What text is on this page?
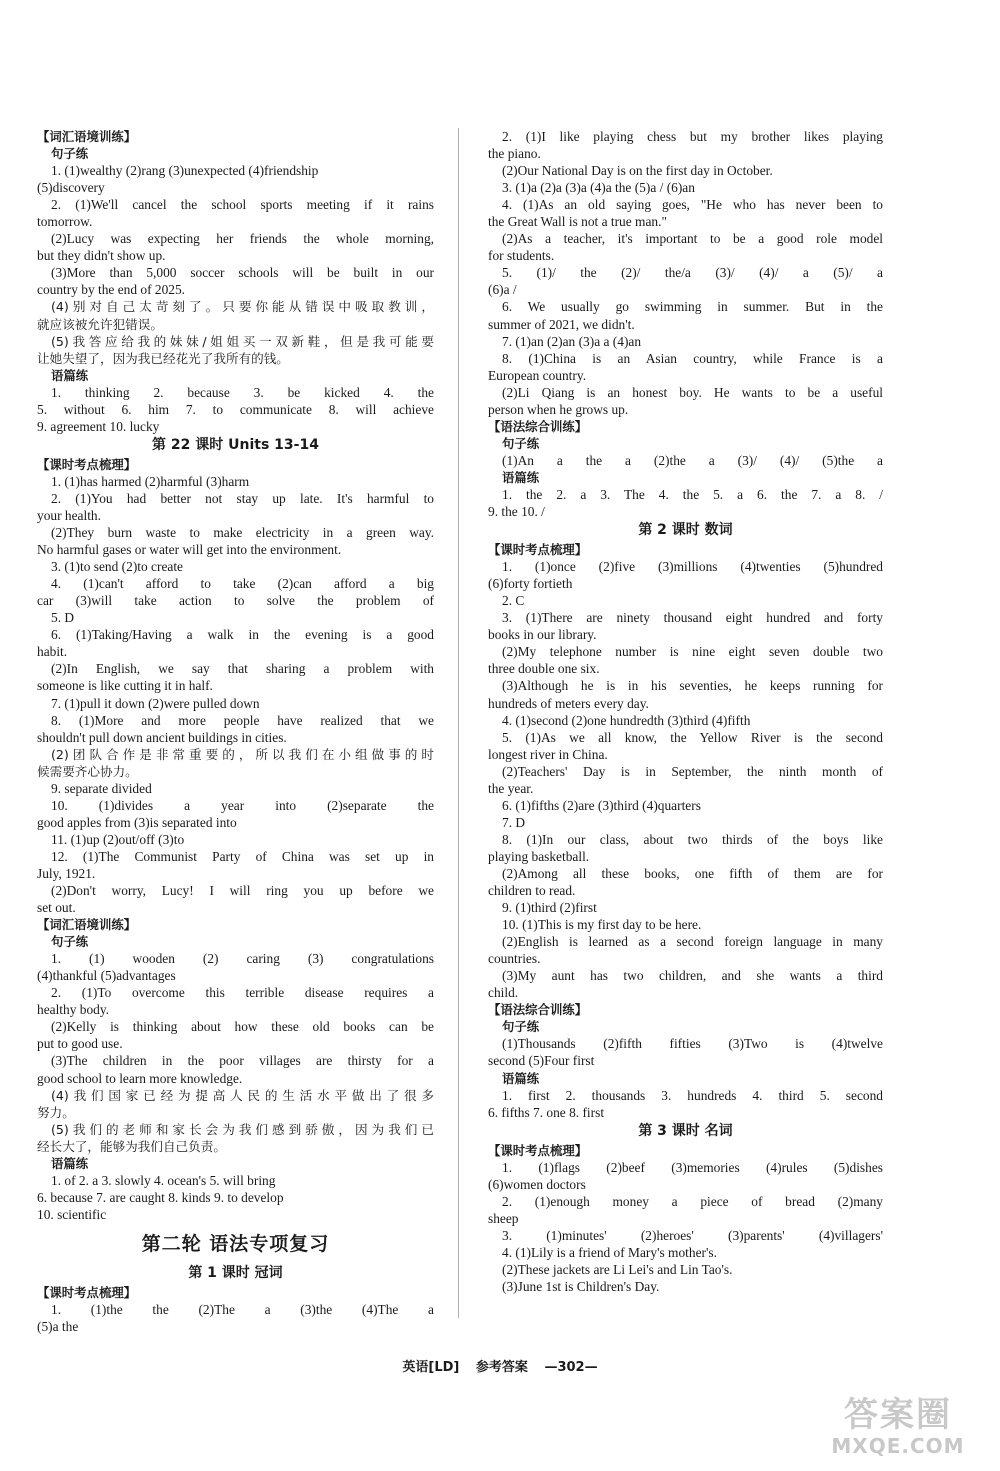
【词汇语境训练】
句子练
1. (1)wealthy (2)rang (3)unexpected (4)friendship
(5)discovery
2. (1)We'll cancel the school sports meeting if it rains
tomorrow.
(2)Lucy was expecting her friends the whole morning,
but they didn't show up.
(3)More than 5,000 soccer schools will be built in our
country by the end of 2025.
(4)别对自己太苛刻了。只要你能从错误中吸取教训，
就应该被允许犯错误。
(5)我答应给我的妹妹/姐姐买一双新鞋，但是我可能要
让她失望了，因为我已经花光了我所有的钱。
语篇练
1. thinking 2. because 3. be kicked 4. the
5. without 6. him 7. to communicate 8. will achieve
9. agreement 10. lucky
第 22 课时 Units 13-14
【课时考点梳理】
1. (1)has harmed (2)harmful (3)harm
2. (1)You had better not stay up late. It's harmful to
your health.
(2)They burn waste to make electricity in a green way.
No harmful gases or water will get into the environment.
3. (1)to send (2)to create
4. (1)can't afford to take (2)can afford a big
car (3)will take action to solve the problem of
5. D
6. (1)Taking/Having a walk in the evening is a good
habit.
(2)In English, we say that sharing a problem with
someone is like cutting it in half.
7. (1)pull it down (2)were pulled down
8. (1)More and more people have realized that we
shouldn't pull down ancient buildings in cities.
(2)团队合作是非常重要的，所以我们在小组做事的时
候需要齐心协力。
9. separate divided
10. (1)divides a year into (2)separate the
good apples from (3)is separated into
11. (1)up (2)out/off (3)to
12. (1)The Communist Party of China was set up in
July, 1921.
(2)Don't worry, Lucy! I will ring you up before we
set out.
【词汇语境训练】
句子练
1. (1) wooden (2) caring (3) congratulations
(4)thankful (5)advantages
2. (1)To overcome this terrible disease requires a
healthy body.
(2)Kelly is thinking about how these old books can be
put to good use.
(3)The children in the poor villages are thirsty for a
good school to learn more knowledge.
(4)我们国家已经为提高人民的生活水平做出了很多
努力。
(5)我们的老师和家长会为我们感到骄傲，因为我们已
经长大了，能够为我们自己负责。
语篇练
1. of 2. a 3. slowly 4. ocean's 5. will bring
6. because 7. are caught 8. kinds 9. to develop
10. scientific
第二轮 语法专项复习
第 1 课时 冠词
【课时考点梳理】
1. (1)the the (2)The a (3)the (4)The a
(5)a the
2. (1)I like playing chess but my brother likes playing
the piano.
(2)Our National Day is on the first day in October.
3. (1)a (2)a (3)a (4)a the (5)a / (6)an
4. (1)As an old saying goes, "He who has never been to
the Great Wall is not a true man."
(2)As a teacher, it's important to be a good role model
for students.
5. (1)/ the (2)/ the/a (3)/ (4)/ a (5)/ a
(6)a /
6. We usually go swimming in summer. But in the
summer of 2021, we didn't.
7. (1)an (2)an (3)a a (4)an
8. (1)China is an Asian country, while France is a
European country.
(2)Li Qiang is an honest boy. He wants to be a useful
person when he grows up.
【语法综合训练】
句子练
(1)An a the a (2)the a (3)/ (4)/ (5)the a
语篇练
1. the 2. a 3. The 4. the 5. a 6. the 7. a 8. /
9. the 10. /
第 2 课时 数词
【课时考点梳理】
1. (1)once (2)five (3)millions (4)twenties (5)hundred
(6)forty fortieth
2. C
3. (1)There are ninety thousand eight hundred and forty
books in our library.
(2)My telephone number is nine eight seven double two
three double one six.
(3)Although he is in his seventies, he keeps running for
hundreds of meters every day.
4. (1)second (2)one hundredth (3)third (4)fifth
5. (1)As we all know, the Yellow River is the second
longest river in China.
(2)Teachers' Day is in September, the ninth month of
the year.
6. (1)fifths (2)are (3)third (4)quarters
7. D
8. (1)In our class, about two thirds of the boys like
playing basketball.
(2)Among all these books, one fifth of them are for
children to read.
9. (1)third (2)first
10. (1)This is my first day to be here.
(2)English is learned as a second foreign language in many
countries.
(3)My aunt has two children, and she wants a third
child.
【语法综合训练】
句子练
(1)Thousands (2)fifth fifties (3)Two is (4)twelve
second (5)Four first
语篇练
1. first 2. thousands 3. hundreds 4. third 5. second
6. fifths 7. one 8. first
第 3 课时 名词
【课时考点梳理】
1. (1)flags (2)beef (3)memories (4)rules (5)dishes
(6)women doctors
2. (1)enough money a piece of bread (2)many
sheep
3. (1)minutes' (2)heroes' (3)parents' (4)villagers'
4. (1)Lily is a friend of Mary's mother's.
(2)These jackets are Li Lei's and Lin Tao's.
(3)June 1st is Children's Day.
英语[LD] 参考答案 —302—
答案圈
MXQE.COM
